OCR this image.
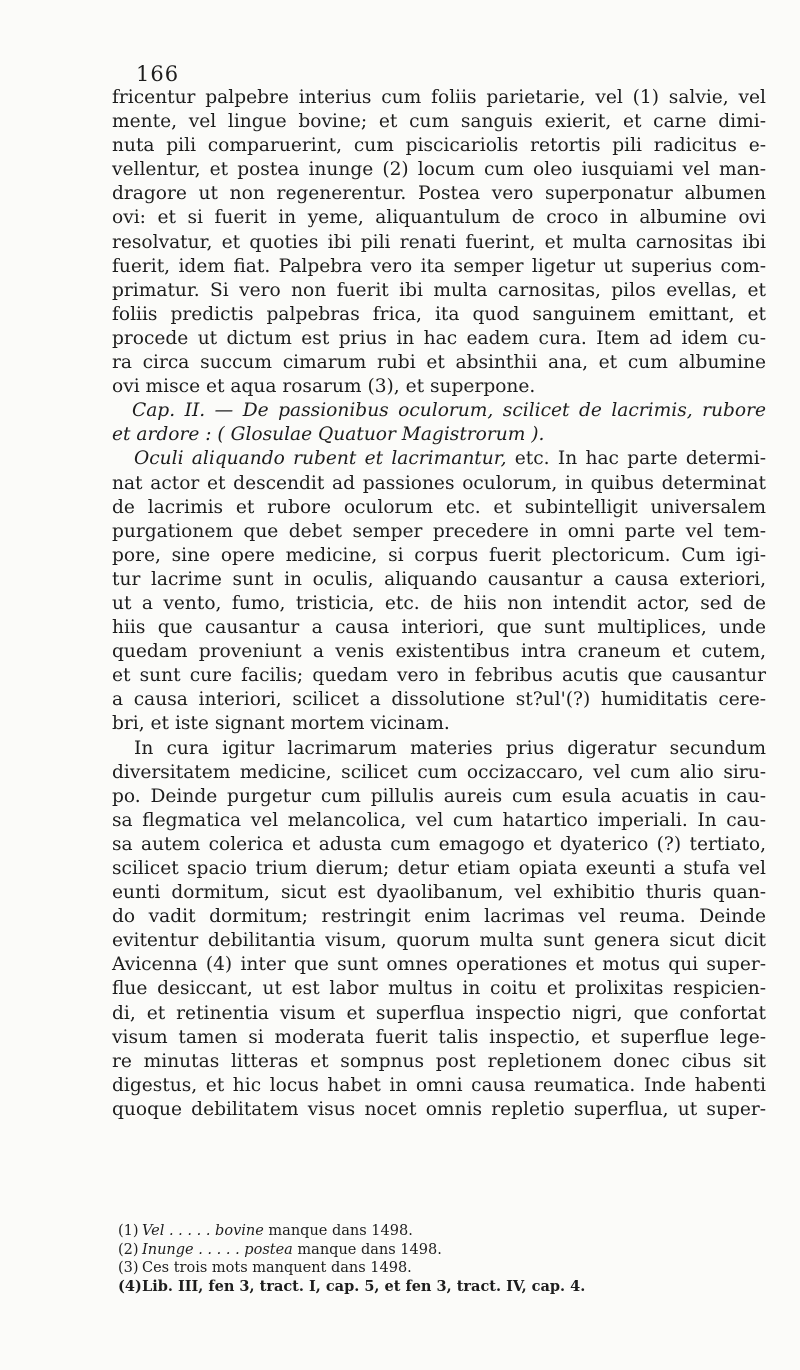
166
fricentur palpebre interius cum foliis parietarie, vel (1) salvie, vel
mente, vel lingue bovine; et cum sanguis exierit, et carne dimi-
nuta pili comparuerint, cum piscicariolis retortis pili radicitus e-
vellentur, et postea inunge (2) locum cum oleo iusquiami vel man-
dragore ut non regenerentur. Postea vero superponatur albumen
ovi: et si fuerit in yeme, aliquantulum de croco in albumine ovi
resolvatur, et quoties ibi pili renati fuerint, et multa carnositas ibi
fuerit, idem fiat. Palpebra vero ita semper ligetur ut superius com-
primatur. Si vero non fuerit ibi multa carnositas, pilos evellas, et
foliis predictis palpebras frica, ita quod sanguinem emittant, et
procede ut dictum est prius in hac eadem cura. Item ad idem cu-
ra circa succum cimarum rubi et absinthii ana, et cum albumine
ovi misce et aqua rosarum (3), et superpone.
Cap. II. — De passionibus oculorum, scilicet de lacrimis, rubore
et ardore : ( Glosulae Quatuor Magistrorum ).
Oculi aliquando rubent et lacrimantur, etc. In hac parte determi-
nat actor et descendit ad passiones oculorum, in quibus determinat
de lacrimis et rubore oculorum etc. et subintelligit universalem
purgationem que debet semper precedere in omni parte vel tem-
pore, sine opere medicine, si corpus fuerit plectoricum. Cum igi-
tur lacrime sunt in oculis, aliquando causantur a causa exteriori,
ut a vento, fumo, tristicia, etc. de hiis non intendit actor, sed de
hiis que causantur a causa interiori, que sunt multiplices, unde
quedam proveniunt a venis existentibus intra craneum et cutem,
et sunt cure facilis; quedam vero in febribus acutis que causantur
a causa interiori, scilicet a dissolutione st?ul'(?) humiditatis cere-
bri, et iste signant mortem vicinam.
In cura igitur lacrimarum materies prius digeratur secundum
diversitatem medicine, scilicet cum occizaccaro, vel cum alio siru-
po. Deinde purgetur cum pillulis aureis cum esula acuatis in cau-
sa flegmatica vel melancolica, vel cum hatartico imperiali. In cau-
sa autem colerica et adusta cum emagogo et dyaterico (?) tertiato,
scilicet spacio trium dierum; detur etiam opiata exeunti a stufa vel
eunti dormitum, sicut est dyaolibanum, vel exhibitio thuris quan-
do vadit dormitum; restringit enim lacrimas vel reuma. Deinde
evitentur debilitantia visum, quorum multa sunt genera sicut dicit
Avicenna (4) inter que sunt omnes operationes et motus qui super-
flue desiccant, ut est labor multus in coitu et prolixitas respicien-
di, et retinentia visum et superflua inspectio nigri, que confortat
visum tamen si moderata fuerit talis inspectio, et superflue lege-
re minutas litteras et sompnus post repletionem donec cibus sit
digestus, et hic locus habet in omni causa reumatica. Inde habenti
quoque debilitatem visus nocet omnis repletio superflua, ut super-
(1) Vel . . . . . bovine manque dans 1498.
(2) Inunge . . . . . postea manque dans 1498.
(3) Ces trois mots manquent dans 1498.
(4)Lib. III, fen 3, tract. I, cap. 5, et fen 3, tract. IV, cap. 4.
